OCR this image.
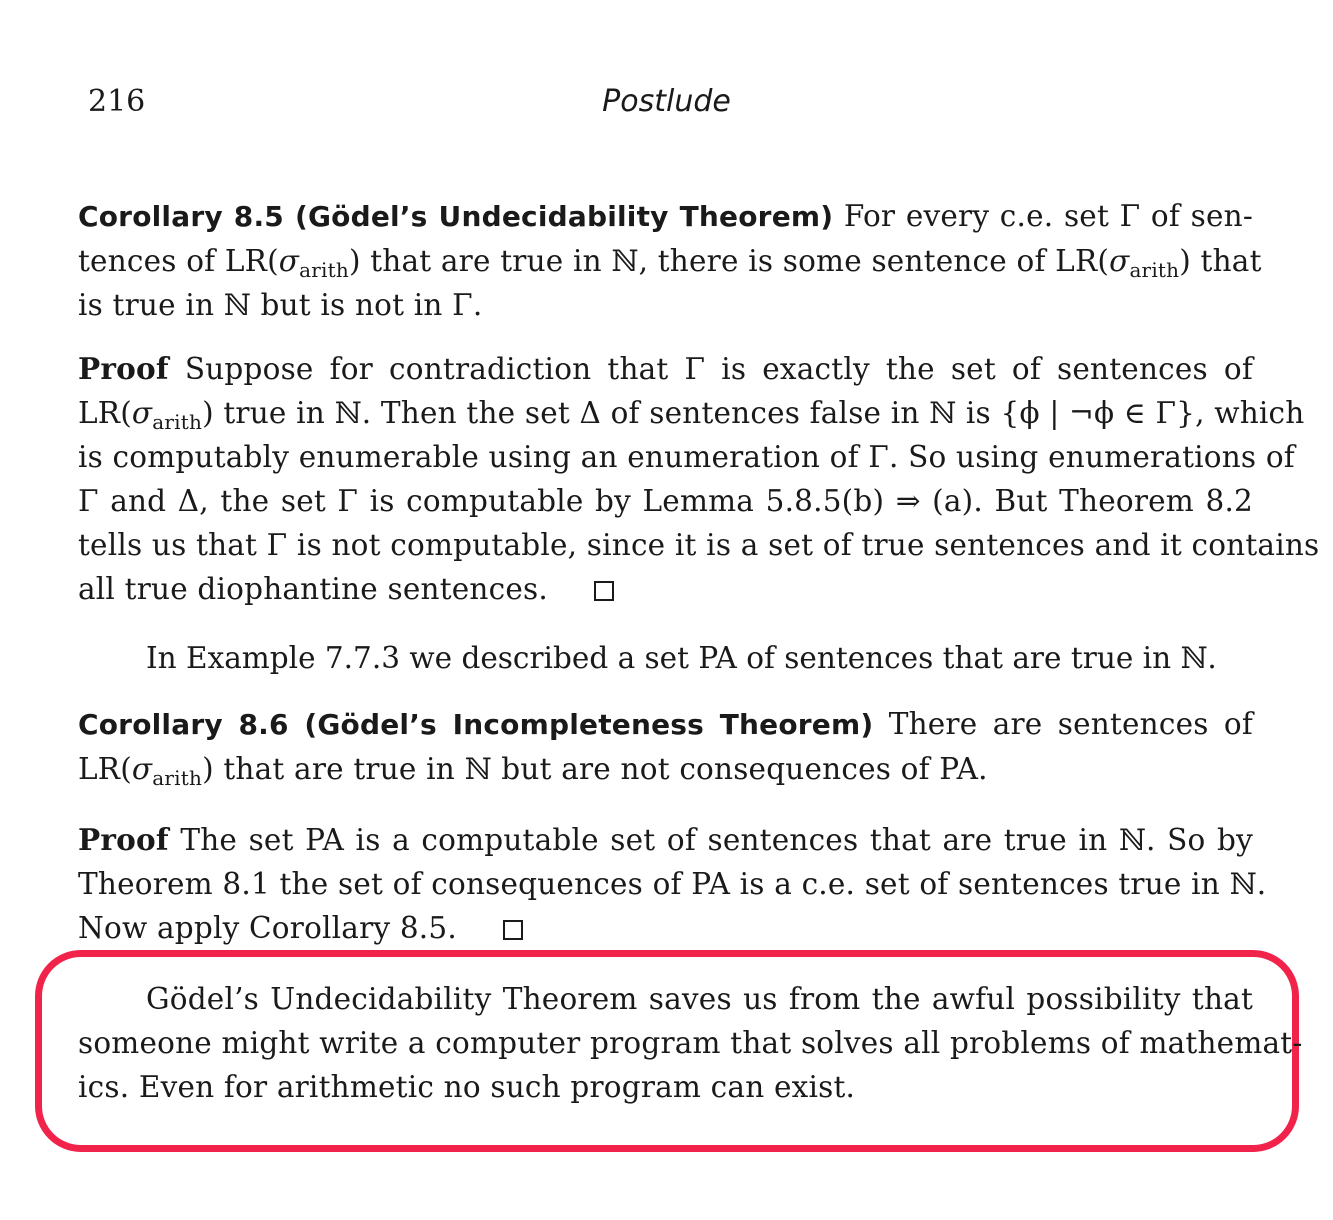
216	Postlude
Corollary 8.5 (Gödel’s Undecidability Theorem) For every c.e. set Γ of sen-
tences of $LR(\sigma_{arith})$ that are true in ℕ, there is some sentence of $LR(\sigma_{arith})$ that
is true in ℕ but is not in Γ.
Proof Suppose for contradiction that Γ is exactly the set of sentences of
$LR(\sigma_{arith})$ true in ℕ. Then the set Δ of sentences false in ℕ is {ϕ | ¬ϕ ∈ Γ}, which
is computably enumerable using an enumeration of Γ. So using enumerations of
Γ and Δ, the set Γ is computable by Lemma 5.8.5(b) ⇒ (a). But Theorem 8.2
tells us that Γ is not computable, since it is a set of true sentences and it contains
all true diophantine sentences.
In Example 7.7.3 we described a set PA of sentences that are true in ℕ.
Corollary 8.6 (Gödel’s Incompleteness Theorem) There are sentences of
$LR(\sigma_{arith})$ that are true in ℕ but are not consequences of PA.
Proof The set PA is a computable set of sentences that are true in ℕ. So by
Theorem 8.1 the set of consequences of PA is a c.e. set of sentences true in ℕ.
Now apply Corollary 8.5.
Gödel’s Undecidability Theorem saves us from the awful possibility that
someone might write a computer program that solves all problems of mathemat-
ics. Even for arithmetic no such program can exist.
